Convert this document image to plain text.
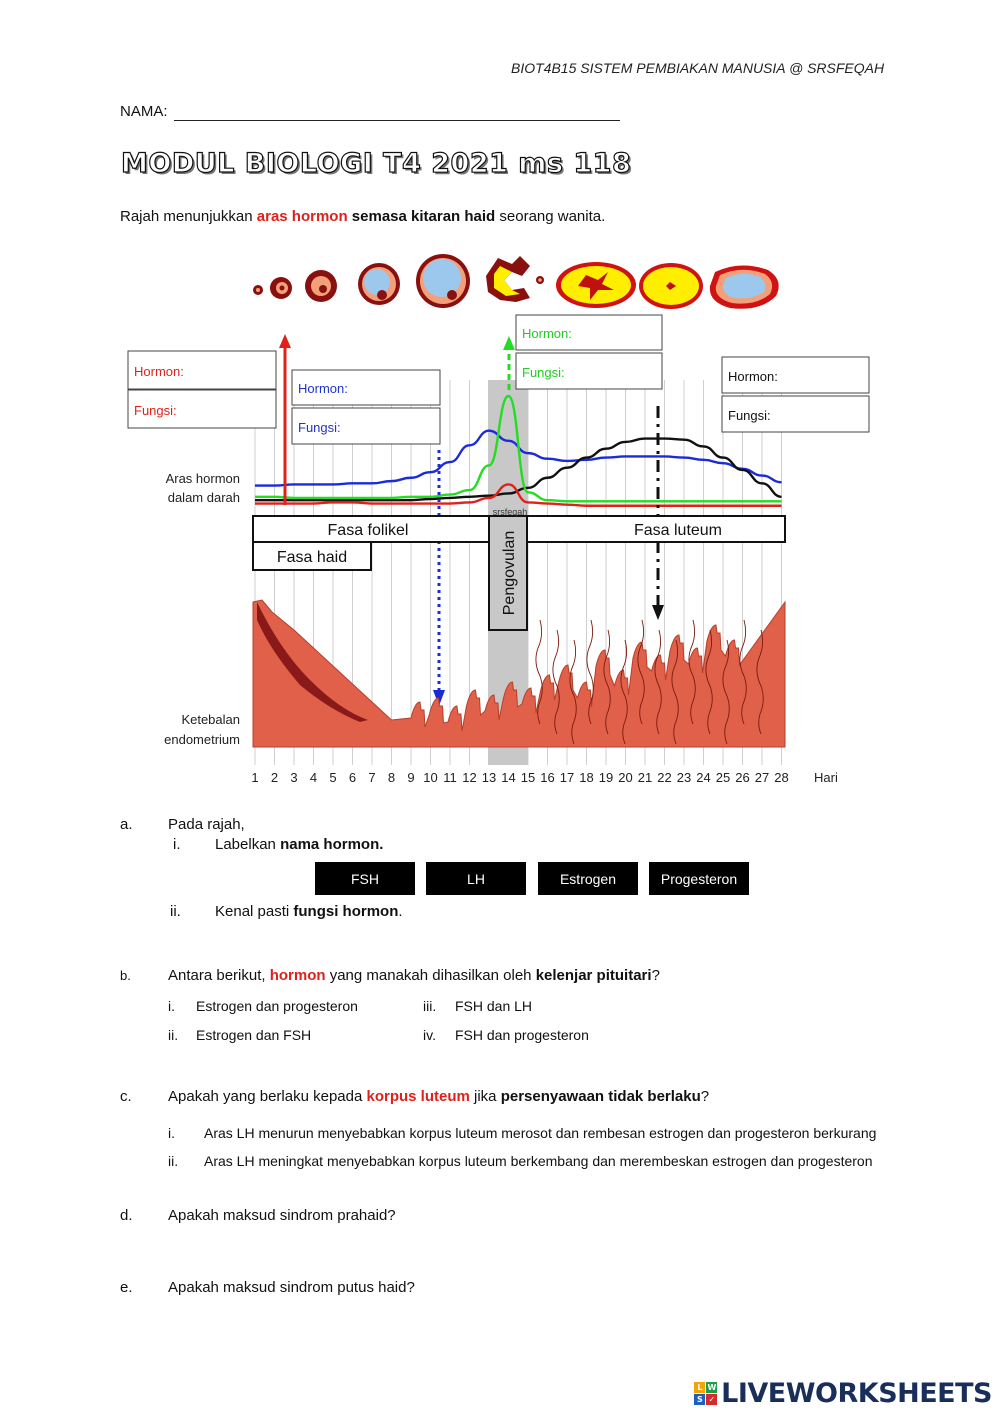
BIOT4B15 SISTEM PEMBIAKAN MANUSIA @ SRSFEQAH
NAMA:
MODUL BIOLOGI T4 2021 ms 118
Rajah menunjukkan aras hormon semasa kitaran haid seorang wanita.
Hormon:
Fungsi:
Hormon:
Fungsi:
Hormon:
Fungsi:	Hormon:
Fungsi:
Aras hormon
dalam darah
Fasa folikel	Fasa luteum
Fasa haid	Pengovulan
srsfeqah
Ketebalan
endometrium
1 2 3 4 5 6 7 8 9 10 11 12 13 14 15 16 17 18 19 20 21 22 23 24 25 26 27 28 Hari
a. Pada rajah,
i. Labelkan nama hormon.
FSH	LH	Estrogen	Progesteron
ii. Kenal pasti fungsi hormon.
b. Antara berikut, hormon yang manakah dihasilkan oleh kelenjar pituitari?
i. Estrogen dan progesteron	iii. FSH dan LH
ii. Estrogen dan FSH	iv. FSH dan progesteron
c. Apakah yang berlaku kepada korpus luteum jika persenyawaan tidak berlaku?
i. Aras LH menurun menyebabkan korpus luteum merosot dan rembesan estrogen dan progesteron berkurang
ii. Aras LH meningkat menyebabkan korpus luteum berkembang dan merembeskan estrogen dan progesteron
d. Apakah maksud sindrom prahaid?
e. Apakah maksud sindrom putus haid?
L W
S ✓ LIVEWORKSHEETS
